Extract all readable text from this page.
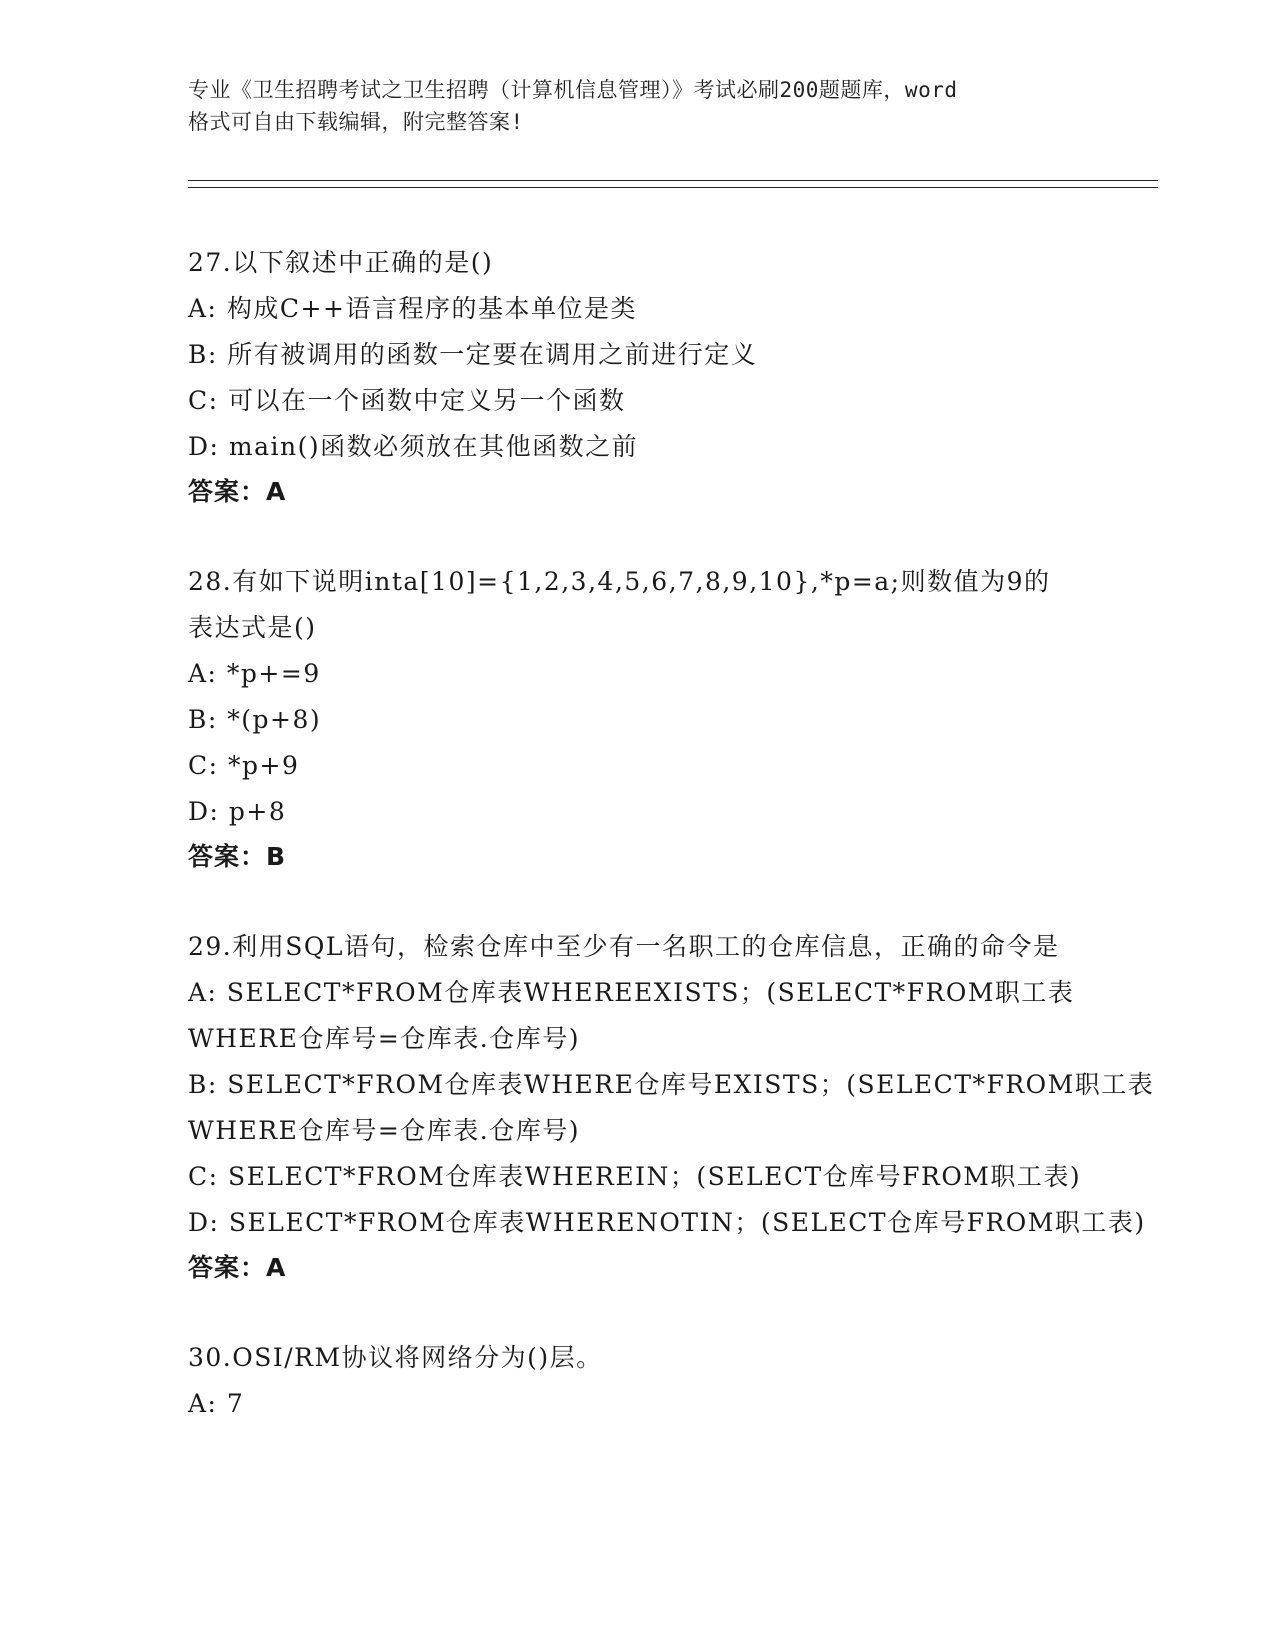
专业《卫生招聘考试之卫生招聘（计算机信息管理）》考试必刷200题题库，word
格式可自由下载编辑，附完整答案!
27.以下叙述中正确的是()
A: 构成C++语言程序的基本单位是类
B: 所有被调用的函数一定要在调用之前进行定义
C: 可以在一个函数中定义另一个函数
D: main()函数必须放在其他函数之前
答案：A
28.有如下说明inta[10]={1,2,3,4,5,6,7,8,9,10},*p=a;则数值为9的表达式是()
A: *p+=9
B: *(p+8)
C: *p+9
D: p+8
答案：B
29.利用SQL语句，检索仓库中至少有一名职工的仓库信息，正确的命令是
A: SELECT*FROM仓库表WHEREEXISTS；(SELECT*FROM职工表WHERE仓库号=仓库表.仓库号)
B: SELECT*FROM仓库表WHERE仓库号EXISTS；(SELECT*FROM职工表WHERE仓库号=仓库表.仓库号)
C: SELECT*FROM仓库表WHEREIN；(SELECT仓库号FROM职工表)
D: SELECT*FROM仓库表WHERENOTIN；(SELECT仓库号FROM职工表)
答案：A
30.OSI/RM协议将网络分为()层。
A: 7
